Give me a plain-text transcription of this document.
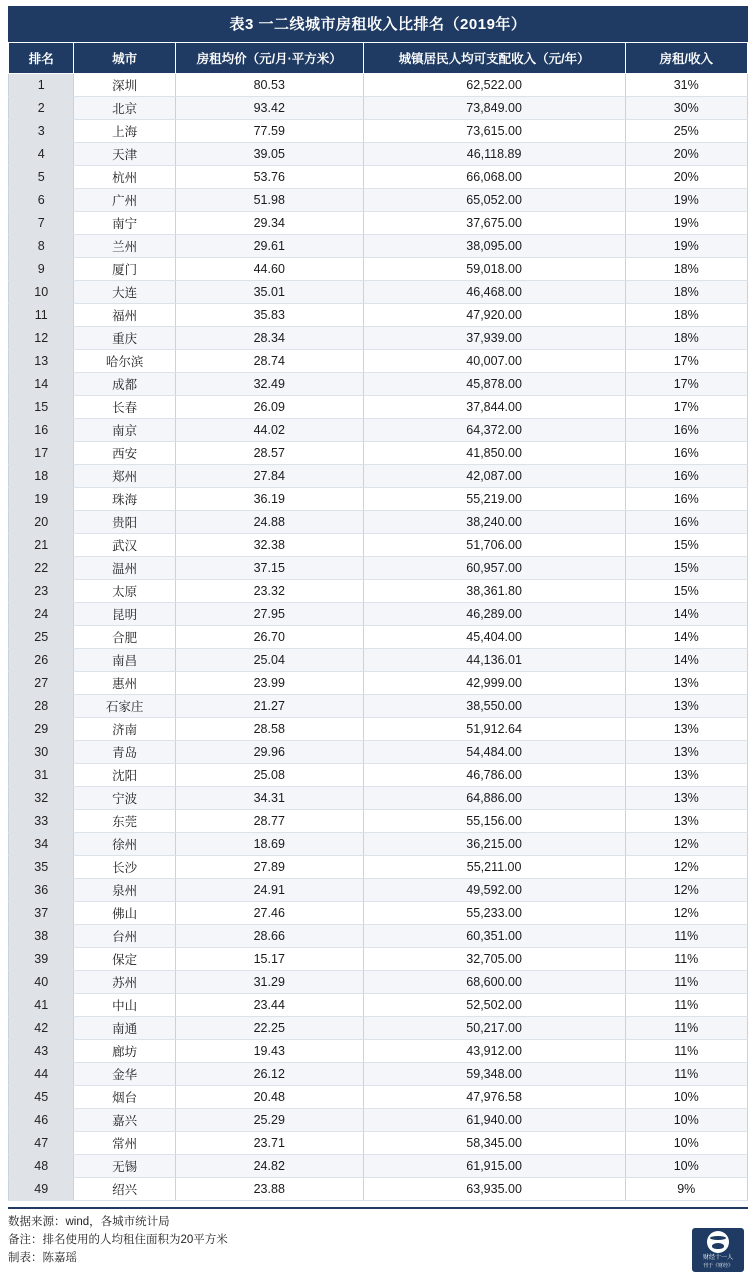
表3 一二线城市房租收入比排名（2019年）
排名	城市	房租均价（元/月·平方米）	城镇居民人均可支配收入（元/年）	房租/收入
1	深圳	80.53	62,522.00	31%
2	北京	93.42	73,849.00	30%
3	上海	77.59	73,615.00	25%
4	天津	39.05	46,118.89	20%
5	杭州	53.76	66,068.00	20%
6	广州	51.98	65,052.00	19%
7	南宁	29.34	37,675.00	19%
8	兰州	29.61	38,095.00	19%
9	厦门	44.60	59,018.00	18%
10	大连	35.01	46,468.00	18%
11	福州	35.83	47,920.00	18%
12	重庆	28.34	37,939.00	18%
13	哈尔滨	28.74	40,007.00	17%
14	成都	32.49	45,878.00	17%
15	长春	26.09	37,844.00	17%
16	南京	44.02	64,372.00	16%
17	西安	28.57	41,850.00	16%
18	郑州	27.84	42,087.00	16%
19	珠海	36.19	55,219.00	16%
20	贵阳	24.88	38,240.00	16%
21	武汉	32.38	51,706.00	15%
22	温州	37.15	60,957.00	15%
23	太原	23.32	38,361.80	15%
24	昆明	27.95	46,289.00	14%
25	合肥	26.70	45,404.00	14%
26	南昌	25.04	44,136.01	14%
27	惠州	23.99	42,999.00	13%
28	石家庄	21.27	38,550.00	13%
29	济南	28.58	51,912.64	13%
30	青岛	29.96	54,484.00	13%
31	沈阳	25.08	46,786.00	13%
32	宁波	34.31	64,886.00	13%
33	东莞	28.77	55,156.00	13%
34	徐州	18.69	36,215.00	12%
35	长沙	27.89	55,211.00	12%
36	泉州	24.91	49,592.00	12%
37	佛山	27.46	55,233.00	12%
38	台州	28.66	60,351.00	11%
39	保定	15.17	32,705.00	11%
40	苏州	31.29	68,600.00	11%
41	中山	23.44	52,502.00	11%
42	南通	22.25	50,217.00	11%
43	廊坊	19.43	43,912.00	11%
44	金华	26.12	59,348.00	11%
45	烟台	20.48	47,976.58	10%
46	嘉兴	25.29	61,940.00	10%
47	常州	23.71	58,345.00	10%
48	无锡	24.82	61,915.00	10%
49	绍兴	23.88	63,935.00	9%
数据来源：wind，各城市统计局
备注：排名使用的人均租住面积为20平方米
制表：陈嘉瑶	财经十一人
刊于《财经》
